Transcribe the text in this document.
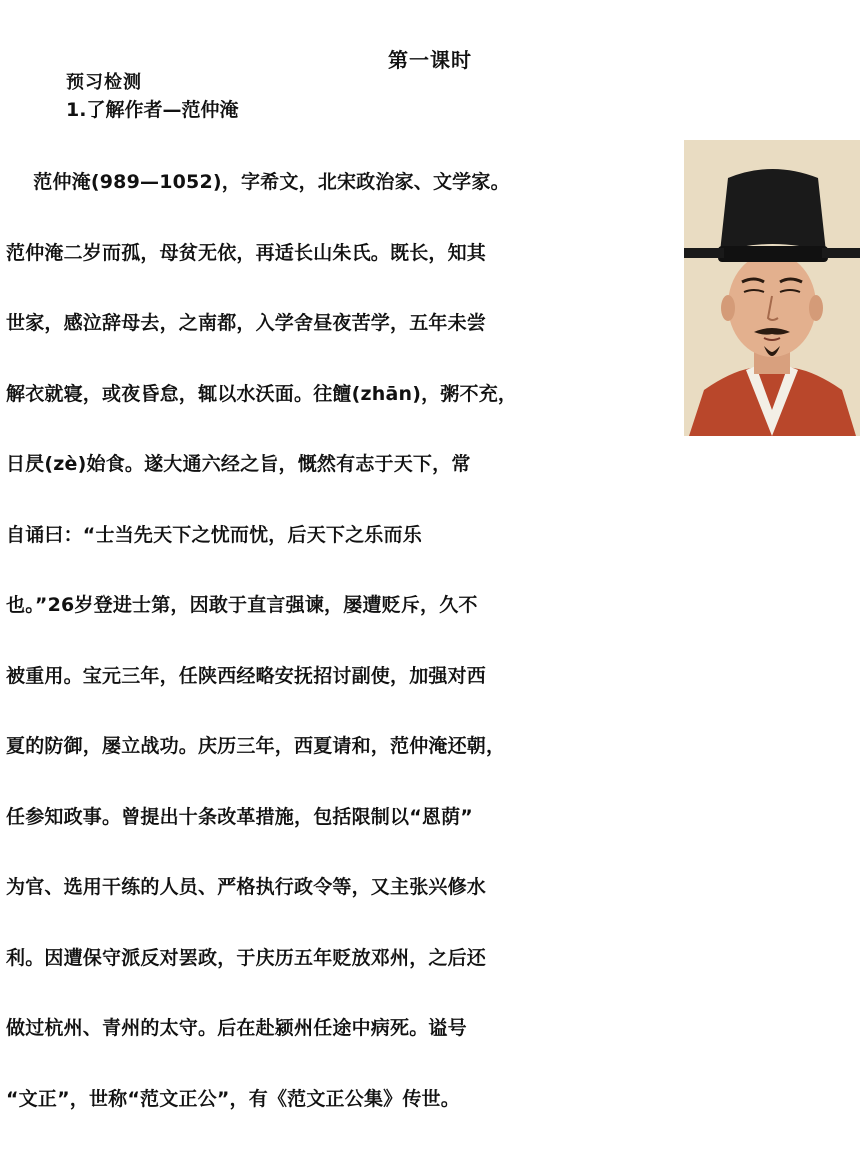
第一课时
预习检测
1.了解作者—范仲淹

范仲淹(989—1052)，字希文，北宋政治家、文学家。

范仲淹二岁而孤，母贫无依，再适长山朱氏。既长，知其

世家，感泣辞母去，之南都，入学舍昼夜苦学，五年未尝

解衣就寝，或夜昏怠，辄以水沃面。往饘(zhān)，粥不充，

日昃(zè)始食。遂大通六经之旨，慨然有志于天下，常

自诵曰：“士当先天下之忧而忧，后天下之乐而乐

也。”26岁登进士第，因敢于直言强谏，屡遭贬斥，久不

被重用。宝元三年，任陕西经略安抚招讨副使，加强对西

夏的防御，屡立战功。庆历三年，西夏请和，范仲淹还朝，

任参知政事。曾提出十条改革措施，包括限制以“恩荫”

为官、选用干练的人员、严格执行政令等，又主张兴修水

利。因遭保守派反对罢政，于庆历五年贬放邓州，之后还

做过杭州、青州的太守。后在赴颍州任途中病死。谥号

“文正”，世称“范文正公”，有《范文正公集》传世。
